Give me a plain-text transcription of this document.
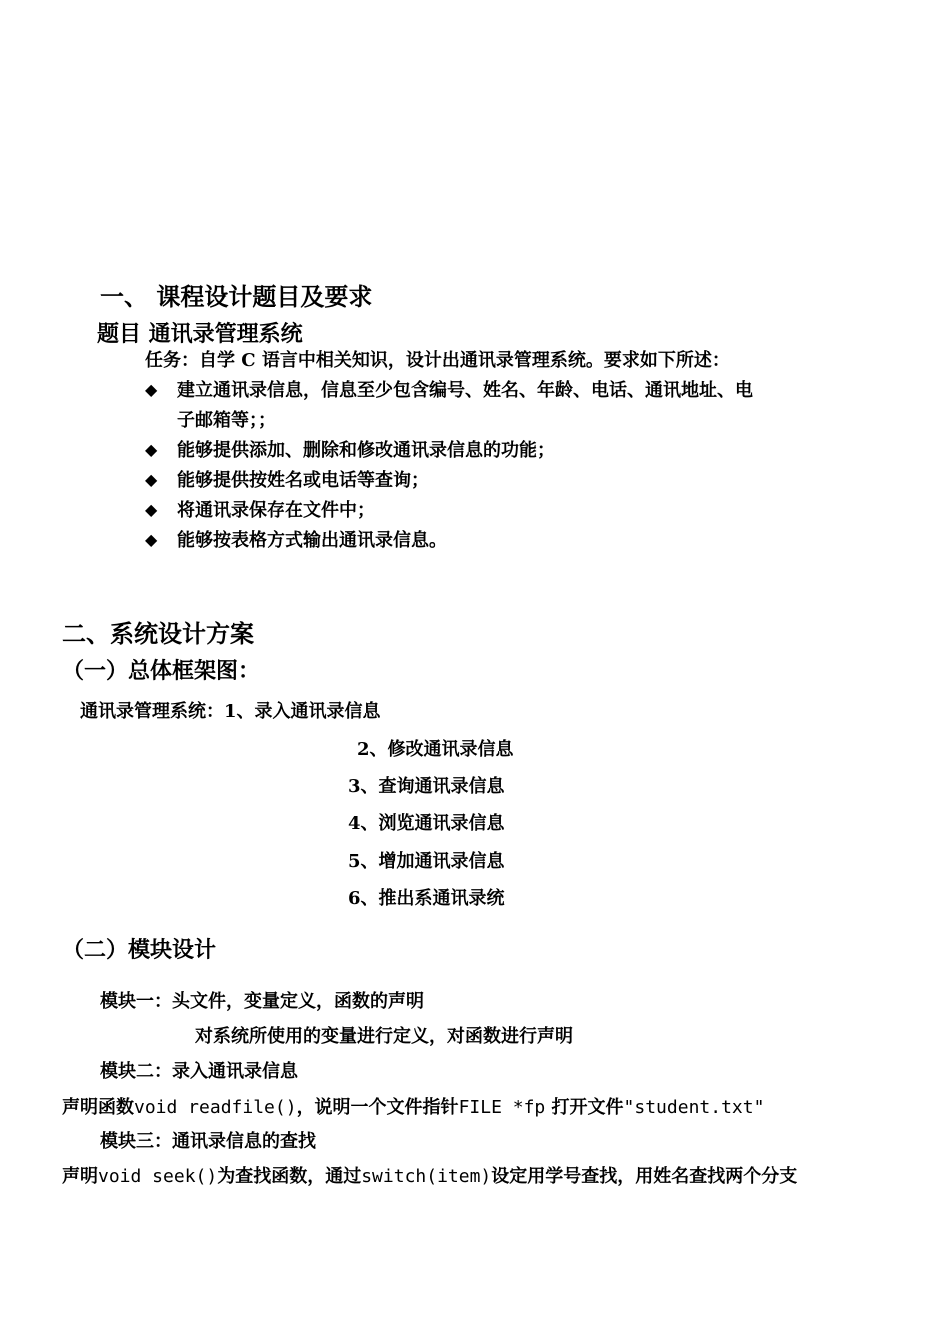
一、 课程设计题目及要求
题目 通讯录管理系统
任务：自学 C 语言中相关知识，设计出通讯录管理系统。要求如下所述：
◆	建立通讯录信息，信息至少包含编号、姓名、年龄、电话、通讯地址、电
子邮箱等；；
◆	能够提供添加、删除和修改通讯录信息的功能；
◆	能够提供按姓名或电话等查询；
◆	将通讯录保存在文件中；
◆	能够按表格方式输出通讯录信息。
二、系统设计方案
（一）总体框架图：
通讯录管理系统：1、录入通讯录信息
2、修改通讯录信息
3、查询通讯录信息
4、浏览通讯录信息
5、增加通讯录信息
6、推出系通讯录统
（二）模块设计
模块一：头文件，变量定义，函数的声明
对系统所使用的变量进行定义，对函数进行声明
模块二：录入通讯录信息
声明函数void readfile()，说明一个文件指针FILE *fp 打开文件"student.txt"
模块三：通讯录信息的查找
声明void seek()为查找函数，通过switch(item)设定用学号查找，用姓名查找两个分支
